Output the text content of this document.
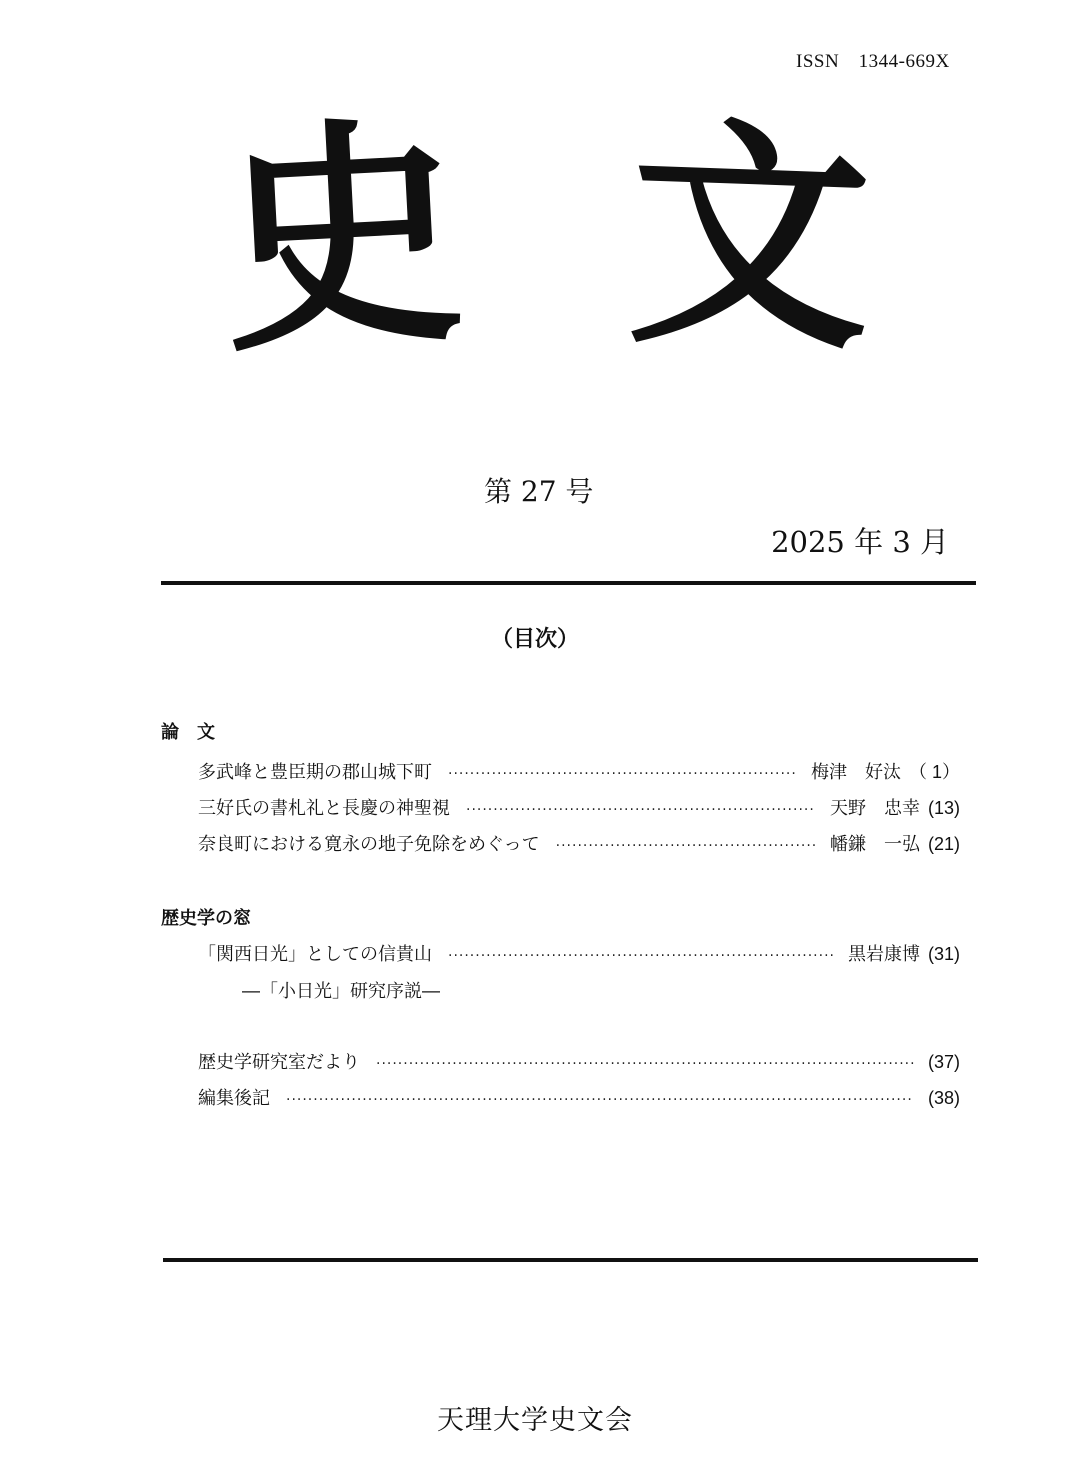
ISSN　1344-669X
史 文
第 27 号
2025 年 3 月
（目次）
論　文
多武峰と豊臣期の郡山城下町 ·····	梅津　好汰 （ 1）
三好氏の書札礼と長慶の神聖視 ·····	天野　忠幸 (13)
奈良町における寛永の地子免除をめぐって ·····	幡鎌　一弘 (21)
歴史学の窓
「関西日光」としての信貴山 ·····	黒岩康博 (31)
―「小日光」研究序説―
歴史学研究室だより ·····	(37)
編集後記 ·····	(38)
天理大学史文会
